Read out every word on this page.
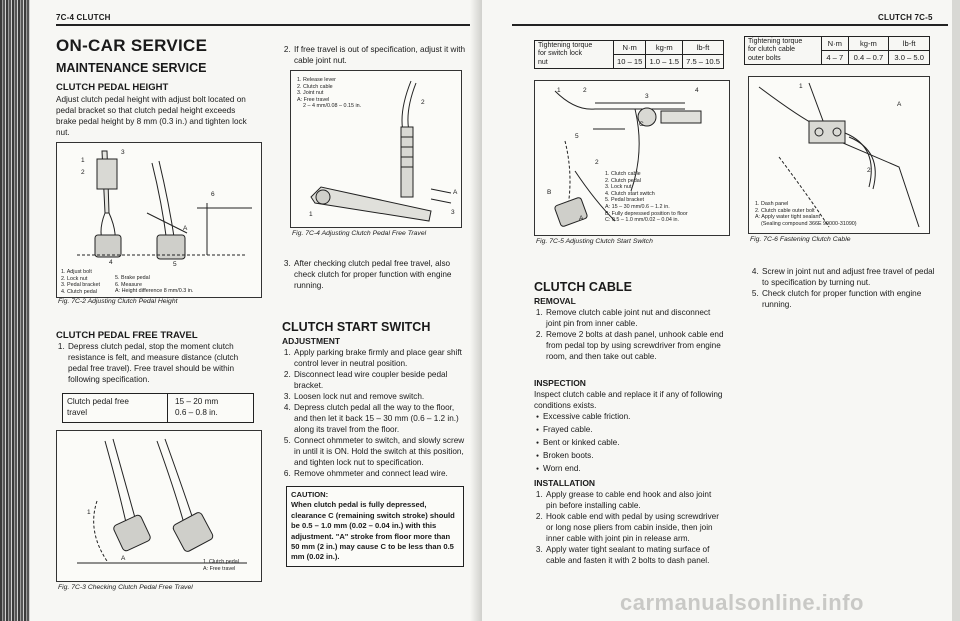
7C-4 CLUTCH
ON-CAR SERVICE
MAINTENANCE SERVICE
CLUTCH PEDAL HEIGHT
Adjust clutch pedal height with adjust bolt located on pedal bracket so that clutch pedal height exceeds brake pedal height by 8 mm (0.3 in.) and tighten lock nut.
1
2
3
4	5
6
A
1. Adjust bolt
2. Lock nut
3. Pedal bracket
4. Clutch pedal
5. Brake pedal
6. Measure
A: Height difference 8 mm/0.3 in.
Fig. 7C-2 Adjusting Clutch Pedal Height
CLUTCH PEDAL FREE TRAVEL
1. Depress clutch pedal, stop the moment clutch resistance is felt, and measure distance (clutch pedal free travel). Free travel should be within following specification.
Clutch pedal free
travel
15 – 20 mm
0.6 – 0.8 in.
1
A	1. Clutch pedal
A: Free travel
Fig. 7C-3 Checking Clutch Pedal Free Travel
2. If free travel is out of specification, adjust it with cable joint nut.
1. Release lever
2. Clutch cable
3. Joint nut
A: Free travel
2 – 4 mm/0.08 – 0.15 in.
2
1	3
A
Fig. 7C-4 Adjusting Clutch Pedal Free Travel
3. After checking clutch pedal free travel, also check clutch for proper function with engine running.
CLUTCH START SWITCH
ADJUSTMENT
1. Apply parking brake firmly and place gear shift control lever in neutral position.
2. Disconnect lead wire coupler beside pedal bracket.
3. Loosen lock nut and remove switch.
4. Depress clutch pedal all the way to the floor, and then let it back 15 – 30 mm (0.6 – 1.2 in.) along its travel from the floor.
5. Connect ohmmeter to switch, and slowly screw in until it is ON. Hold the switch at this position, and tighten lock nut to specification.
6. Remove ohmmeter and connect lead wire.
CAUTION:
When clutch pedal is fully depressed, clearance C (remaining switch stroke) should be 0.5 – 1.0 mm (0.02 – 0.04 in.) with this adjustment. "A" stroke from floor more than 50 mm (2 in.) may cause C to be less than 0.5 mm (0.02 in.).
CLUTCH 7C-5
Tightening torque
for switch lock
nut	N·m	kg-m	lb-ft
	10 – 15	1.0 – 1.5	7.5 – 10.5
1	2
3
4
5
2
B
A
C
1. Clutch cable
2. Clutch pedal
3. Lock nut
4. Clutch start switch
5. Pedal bracket
A: 15 – 30 mm/0.6 – 1.2 in.
B: Fully depressed position to floor
C: 0.5 – 1.0 mm/0.02 – 0.04 in.
Fig. 7C-5 Adjusting Clutch Start Switch
CLUTCH CABLE
REMOVAL
1. Remove clutch cable joint nut and disconnect joint pin from inner cable.
2. Remove 2 bolts at dash panel, unhook cable end from pedal top by using screwdriver from engine room, and then take out cable.
INSPECTION
Inspect clutch cable and replace it if any of following conditions exists.
● Excessive cable friction.
● Frayed cable.
● Bent or kinked cable.
● Broken boots.
● Worn end.
INSTALLATION
1. Apply grease to cable end hook and also joint pin before installing cable.
2. Hook cable end with pedal by using screwdriver or long nose pliers from cabin inside, then join inner cable with joint pin in release arm.
3. Apply water tight sealant to mating surface of cable and fasten it with 2 bolts to dash panel.
Tightening torque
for clutch cable
outer bolts	N·m	kg-m	lb-ft
	4 – 7	0.4 – 0.7	3.0 – 5.0
1
2
A
1. Dash panel
2. Clutch cable outer bolt
A: Apply water tight sealant
(Sealing compound 366E 99000-31090)
Fig. 7C-6 Fastening Clutch Cable
4. Screw in joint nut and adjust free travel of pedal to specification by turning nut.
5. Check clutch for proper function with engine running.
carmanualsonline.info
